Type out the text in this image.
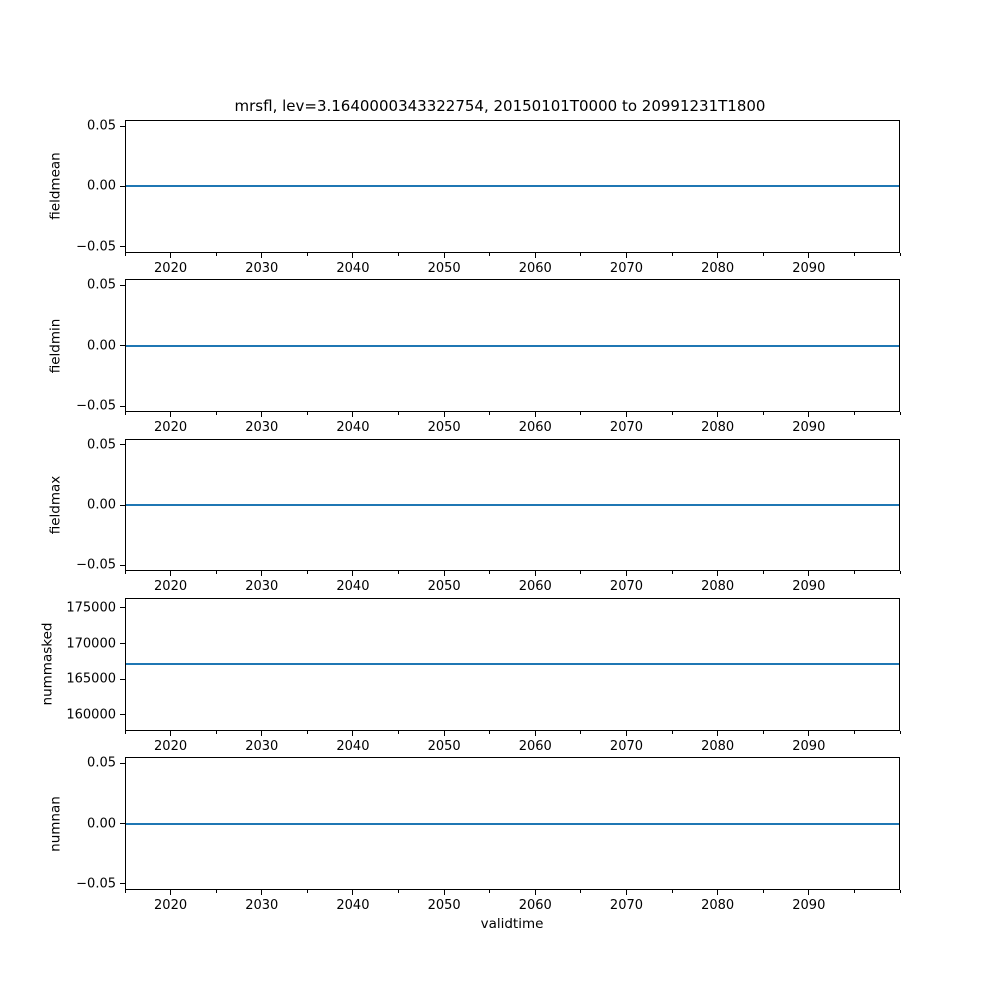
mrsfl, lev=3.1640000343322754, 20150101T0000 to 20991231T1800
0.05
0.00
−0.05
2020	2030	2040	2050	2060	2070	2080	2090
fieldmean
0.05
0.00
−0.05
2020	2030	2040	2050	2060	2070	2080	2090
fieldmin
0.05
0.00
−0.05
2020	2030	2040	2050	2060	2070	2080	2090
fieldmax
175000
170000
165000
160000
2020	2030	2040	2050	2060	2070	2080	2090
nummasked
0.05
0.00
−0.05
2020	2030	2040	2050	2060	2070	2080	2090
numnan
validtime
